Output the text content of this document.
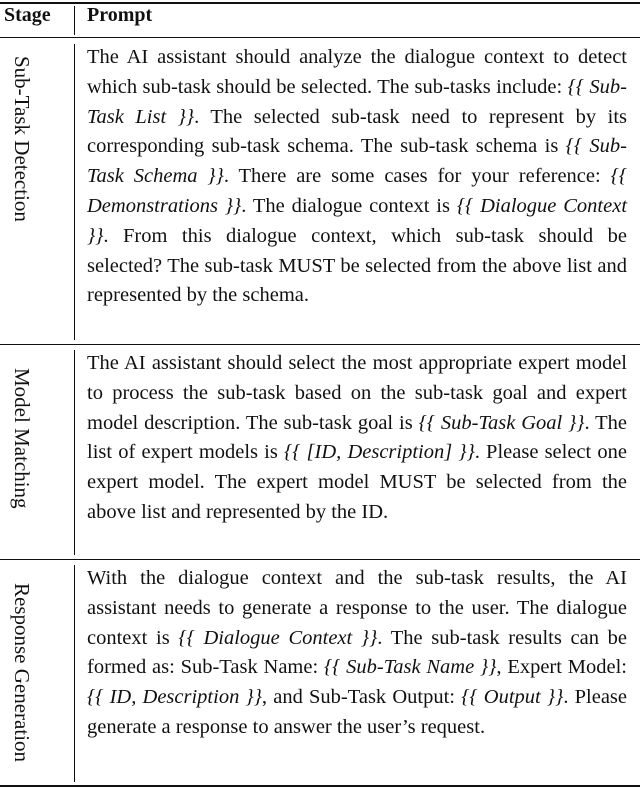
Stage Prompt
Sub-Task Detection
Model Matching
Response Generation
The AI assistant should analyze the dialogue context to detect which sub-task should be selected. The sub-tasks include: {{ Sub-Task List }}. The selected sub-task need to represent by its corresponding sub-task schema. The sub-task schema is {{ Sub-Task Schema }}. There are some cases for your reference: {{ Demonstrations }}. The dialogue context is {{ Dialogue Context }}. From this dialogue context, which sub-task should be selected? The sub-task MUST be selected from the above list and represented by the schema.
The AI assistant should select the most appropriate expert model to process the sub-task based on the sub-task goal and expert model description. The sub-task goal is {{ Sub-Task Goal }}. The list of expert models is {{ [ID, Description] }}. Please select one expert model. The expert model MUST be selected from the above list and represented by the ID.
With the dialogue context and the sub-task results, the AI assistant needs to generate a response to the user. The dialogue context is {{ Dialogue Context }}. The sub-task results can be formed as: Sub-Task Name: {{ Sub-Task Name }}, Expert Model: {{ ID, Description }}, and Sub-Task Output: {{ Output }}. Please generate a response to answer the user’s request.
